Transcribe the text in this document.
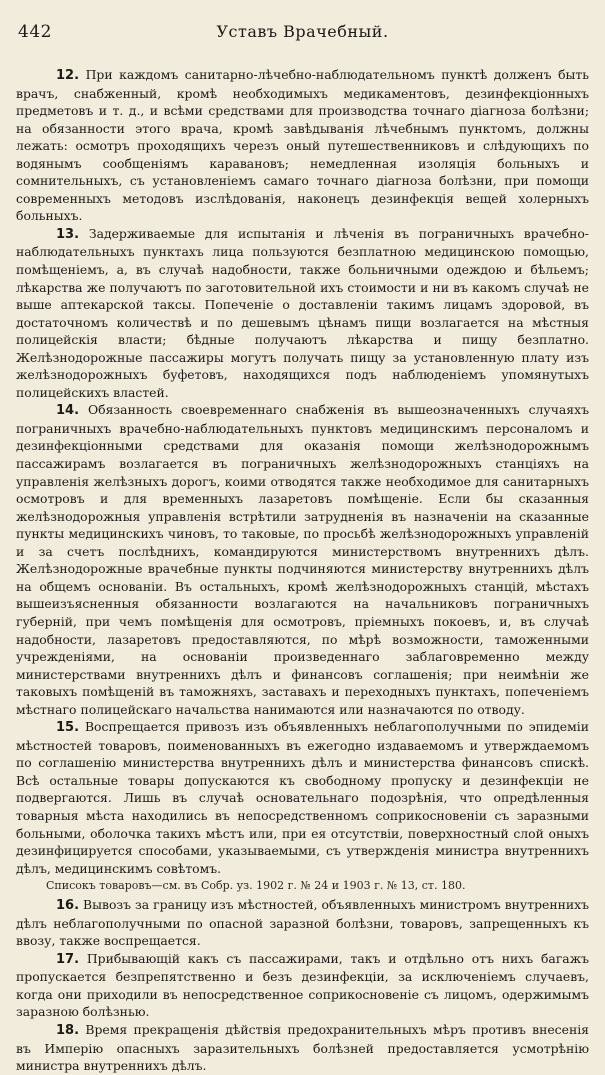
442	Уставъ Врачебный.

12. При каждомъ санитарно-лѣчебно-наблюдательномъ пунктѣ долженъ быть врачъ, снабженный, кромѣ необходимыхъ медикаментовъ, дезинфекціонныхъ предметовъ и т. д., и всѣми средствами для производства точнаго діагноза болѣзни; на обязанности этого врача, кромѣ завѣдыванія лѣчебнымъ пунктомъ, должны лежать: осмотръ проходящихъ черезъ оный путешественниковъ и слѣдующихъ по водянымъ сообщеніямъ каравановъ; немедленная изоляція больныхъ и сомнительныхъ, съ установленіемъ самаго точнаго діагноза болѣзни, при помощи современныхъ методовъ изслѣдованія, наконецъ дезинфекція вещей холерныхъ больныхъ.

13. Задерживаемые для испытанія и лѣченія въ пограничныхъ врачебно-наблюдательныхъ пунктахъ лица пользуются безплатною медицинскою помощью, помѣщеніемъ, а, въ случаѣ надобности, также больничными одеждою и бѣльемъ; лѣкарства же получаютъ по заготовительной ихъ стоимости и ни въ какомъ случаѣ не выше аптекарской таксы. Попеченіе о доставленіи такимъ лицамъ здоровой, въ достаточномъ количествѣ и по дешевымъ цѣнамъ пищи возлагается на мѣстныя полицейскія власти; бѣдные получаютъ лѣкарства и пищу безплатно. Желѣзнодорожные пассажиры могутъ получать пищу за установленную плату изъ желѣзнодорожныхъ буфетовъ, находящихся подъ наблюденіемъ упомянутыхъ полицейскихъ властей.

14. Обязанность своевременнаго снабженія въ вышеозначенныхъ случаяхъ пограничныхъ врачебно-наблюдательныхъ пунктовъ медицинскимъ персоналомъ и дезинфекціонными средствами для оказанія помощи желѣзнодорожнымъ пассажирамъ возлагается въ пограничныхъ желѣзнодорожныхъ станціяхъ на управленія желѣзныхъ дорогъ, коими отводятся также необходимое для санитарныхъ осмотровъ и для временныхъ лазаретовъ помѣщеніе. Если бы сказанныя желѣзнодорожныя управленія встрѣтили затрудненія въ назначеніи на сказанные пункты медицинскихъ чиновъ, то таковые, по просьбѣ желѣзнодорожныхъ управленій и за счетъ послѣднихъ, командируются министерствомъ внутреннихъ дѣлъ. Желѣзнодорожные врачебные пункты подчиняются министерству внутреннихъ дѣлъ на общемъ основаніи. Въ остальныхъ, кромѣ желѣзнодорожныхъ станцій, мѣстахъ вышеизъясненныя обязанности возлагаются на начальниковъ пограничныхъ губерній, при чемъ помѣщенія для осмотровъ, пріемныхъ покоевъ, и, въ случаѣ надобности, лазаретовъ предоставляются, по мѣрѣ возможности, таможенными учрежденіями, на основаніи произведеннаго заблаговременно между министерствами внутреннихъ дѣлъ и финансовъ соглашенія; при неимѣніи же таковыхъ помѣщеній въ таможняхъ, заставахъ и переходныхъ пунктахъ, попеченіемъ мѣстнаго полицейскаго начальства нанимаются или назначаются по отводу.

15. Воспрещается привозъ изъ объявленныхъ неблагополучными по эпидеміи мѣстностей товаровъ, поименованныхъ въ ежегодно издаваемомъ и утверждаемомъ по соглашенію министерства внутреннихъ дѣлъ и министерства финансовъ спискѣ. Всѣ остальные товары допускаются къ свободному пропуску и дезинфекціи не подвергаются. Лишь въ случаѣ основательнаго подозрѣнія, что опредѣленныя товарныя мѣста находились въ непосредственномъ соприкосновеніи съ заразными больными, оболочка такихъ мѣстъ или, при ея отсутствіи, поверхностный слой оныхъ дезинфицируется способами, указываемыми, съ утвержденія министра внутреннихъ дѣлъ, медицинскимъ совѣтомъ.

Списокъ товаровъ—см. въ Собр. уз. 1902 г. № 24 и 1903 г. № 13, ст. 180.

16. Вывозъ за границу изъ мѣстностей, объявленныхъ министромъ внутреннихъ дѣлъ неблагополучными по опасной заразной болѣзни, товаровъ, запрещенныхъ къ ввозу, также воспрещается.

17. Прибывающій какъ съ пассажирами, такъ и отдѣльно отъ нихъ багажъ пропускается безпрепятственно и безъ дезинфекціи, за исключеніемъ случаевъ, когда они приходили въ непосредственное соприкосновеніе съ лицомъ, одержимымъ заразною болѣзнью.

18. Время прекращенія дѣйствія предохранительныхъ мѣръ противъ внесенія въ Имперію опасныхъ заразительныхъ болѣзней предоставляется усмотрѣнію министра внутреннихъ дѣлъ.
